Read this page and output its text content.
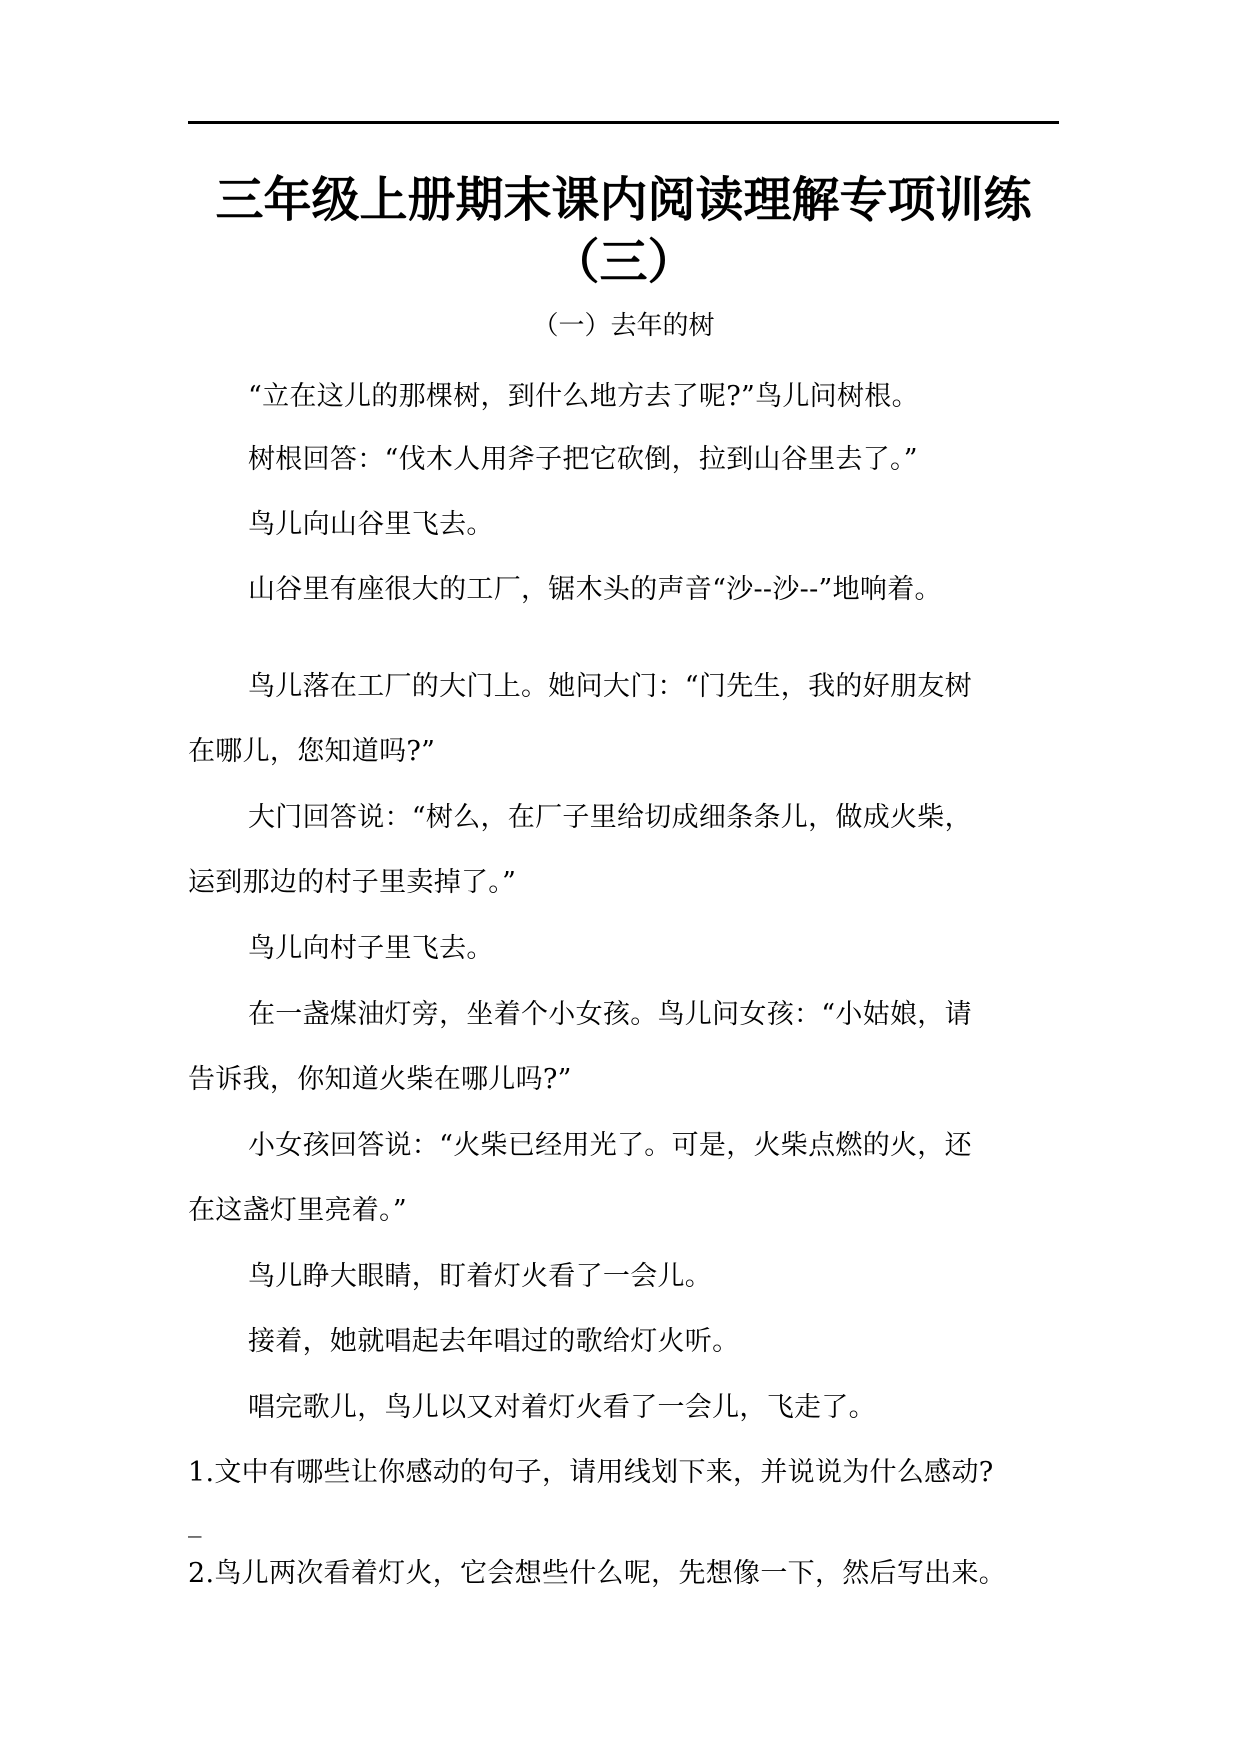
三年级上册期末课内阅读理解专项训练
（三）
（一）去年的树
“立在这儿的那棵树，到什么地方去了呢?”鸟儿问树根。
树根回答：“伐木人用斧子把它砍倒，拉到山谷里去了。”
鸟儿向山谷里飞去。
山谷里有座很大的工厂，锯木头的声音“沙--沙--”地响着。
鸟儿落在工厂的大门上。她问大门：“门先生，我的好朋友树
在哪儿，您知道吗?”
大门回答说：“树么，在厂子里给切成细条条儿，做成火柴，
运到那边的村子里卖掉了。”
鸟儿向村子里飞去。
在一盏煤油灯旁，坐着个小女孩。鸟儿问女孩：“小姑娘，请
告诉我，你知道火柴在哪儿吗?”
小女孩回答说：“火柴已经用光了。可是，火柴点燃的火，还
在这盏灯里亮着。”
鸟儿睁大眼睛，盯着灯火看了一会儿。
接着，她就唱起去年唱过的歌给灯火听。
唱完歌儿，鸟儿以又对着灯火看了一会儿，飞走了。
1.文中有哪些让你感动的句子，请用线划下来，并说说为什么感动?
_
2.鸟儿两次看着灯火，它会想些什么呢，先想像一下，然后写出来。
